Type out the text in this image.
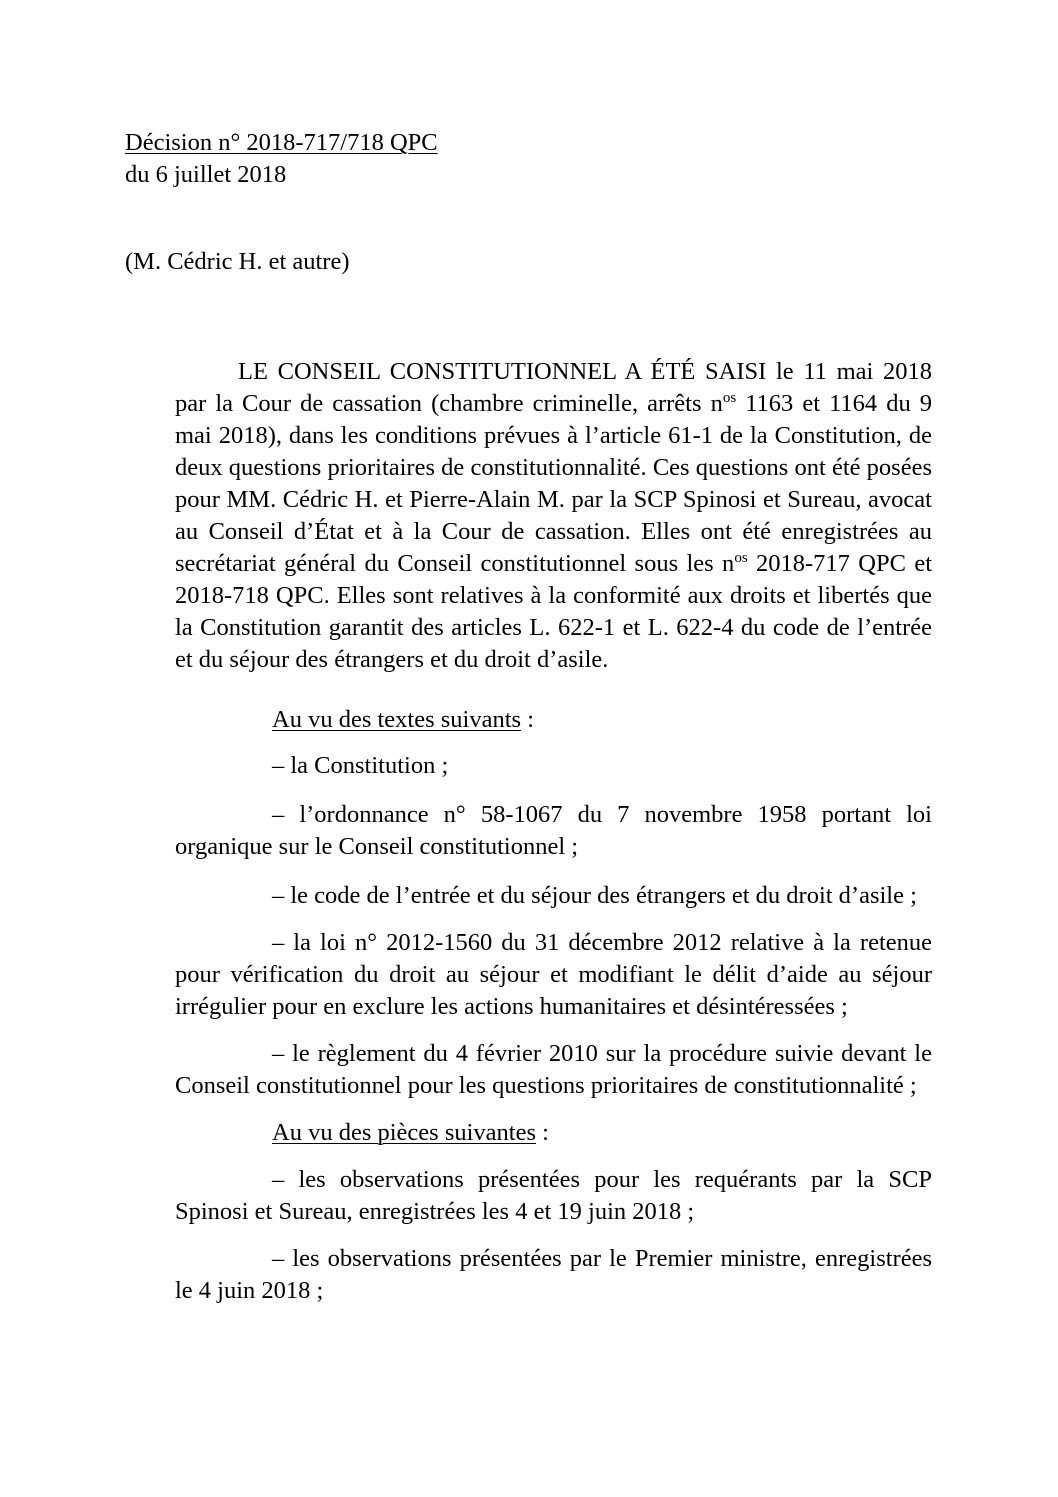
Décision n° 2018-717/718 QPC
du 6 juillet 2018
(M. Cédric H. et autre)
LE CONSEIL CONSTITUTIONNEL A ÉTÉ SAISI le 11 mai 2018 par la Cour de cassation (chambre criminelle, arrêts $n^{os}$ 1163 et 1164 du 9 mai 2018), dans les conditions prévues à l’article 61-1 de la Constitution, de deux questions prioritaires de constitutionnalité. Ces questions ont été posées pour MM. Cédric H. et Pierre-Alain M. par la SCP Spinosi et Sureau, avocat au Conseil d’État et à la Cour de cassation. Elles ont été enregistrées au secrétariat général du Conseil constitutionnel sous les $n^{os}$ 2018-717 QPC et 2018-718 QPC. Elles sont relatives à la conformité aux droits et libertés que la Constitution garantit des articles L. 622-1 et L. 622-4 du code de l’entrée et du séjour des étrangers et du droit d’asile.
Au vu des textes suivants :
– la Constitution ;
– l’ordonnance n° 58-1067 du 7 novembre 1958 portant loi organique sur le Conseil constitutionnel ;
– le code de l’entrée et du séjour des étrangers et du droit d’asile ;
– la loi n° 2012-1560 du 31 décembre 2012 relative à la retenue pour vérification du droit au séjour et modifiant le délit d’aide au séjour irrégulier pour en exclure les actions humanitaires et désintéressées ;
– le règlement du 4 février 2010 sur la procédure suivie devant le Conseil constitutionnel pour les questions prioritaires de constitutionnalité ;
Au vu des pièces suivantes :
– les observations présentées pour les requérants par la SCP Spinosi et Sureau, enregistrées les 4 et 19 juin 2018 ;
– les observations présentées par le Premier ministre, enregistrées le 4 juin 2018 ;
